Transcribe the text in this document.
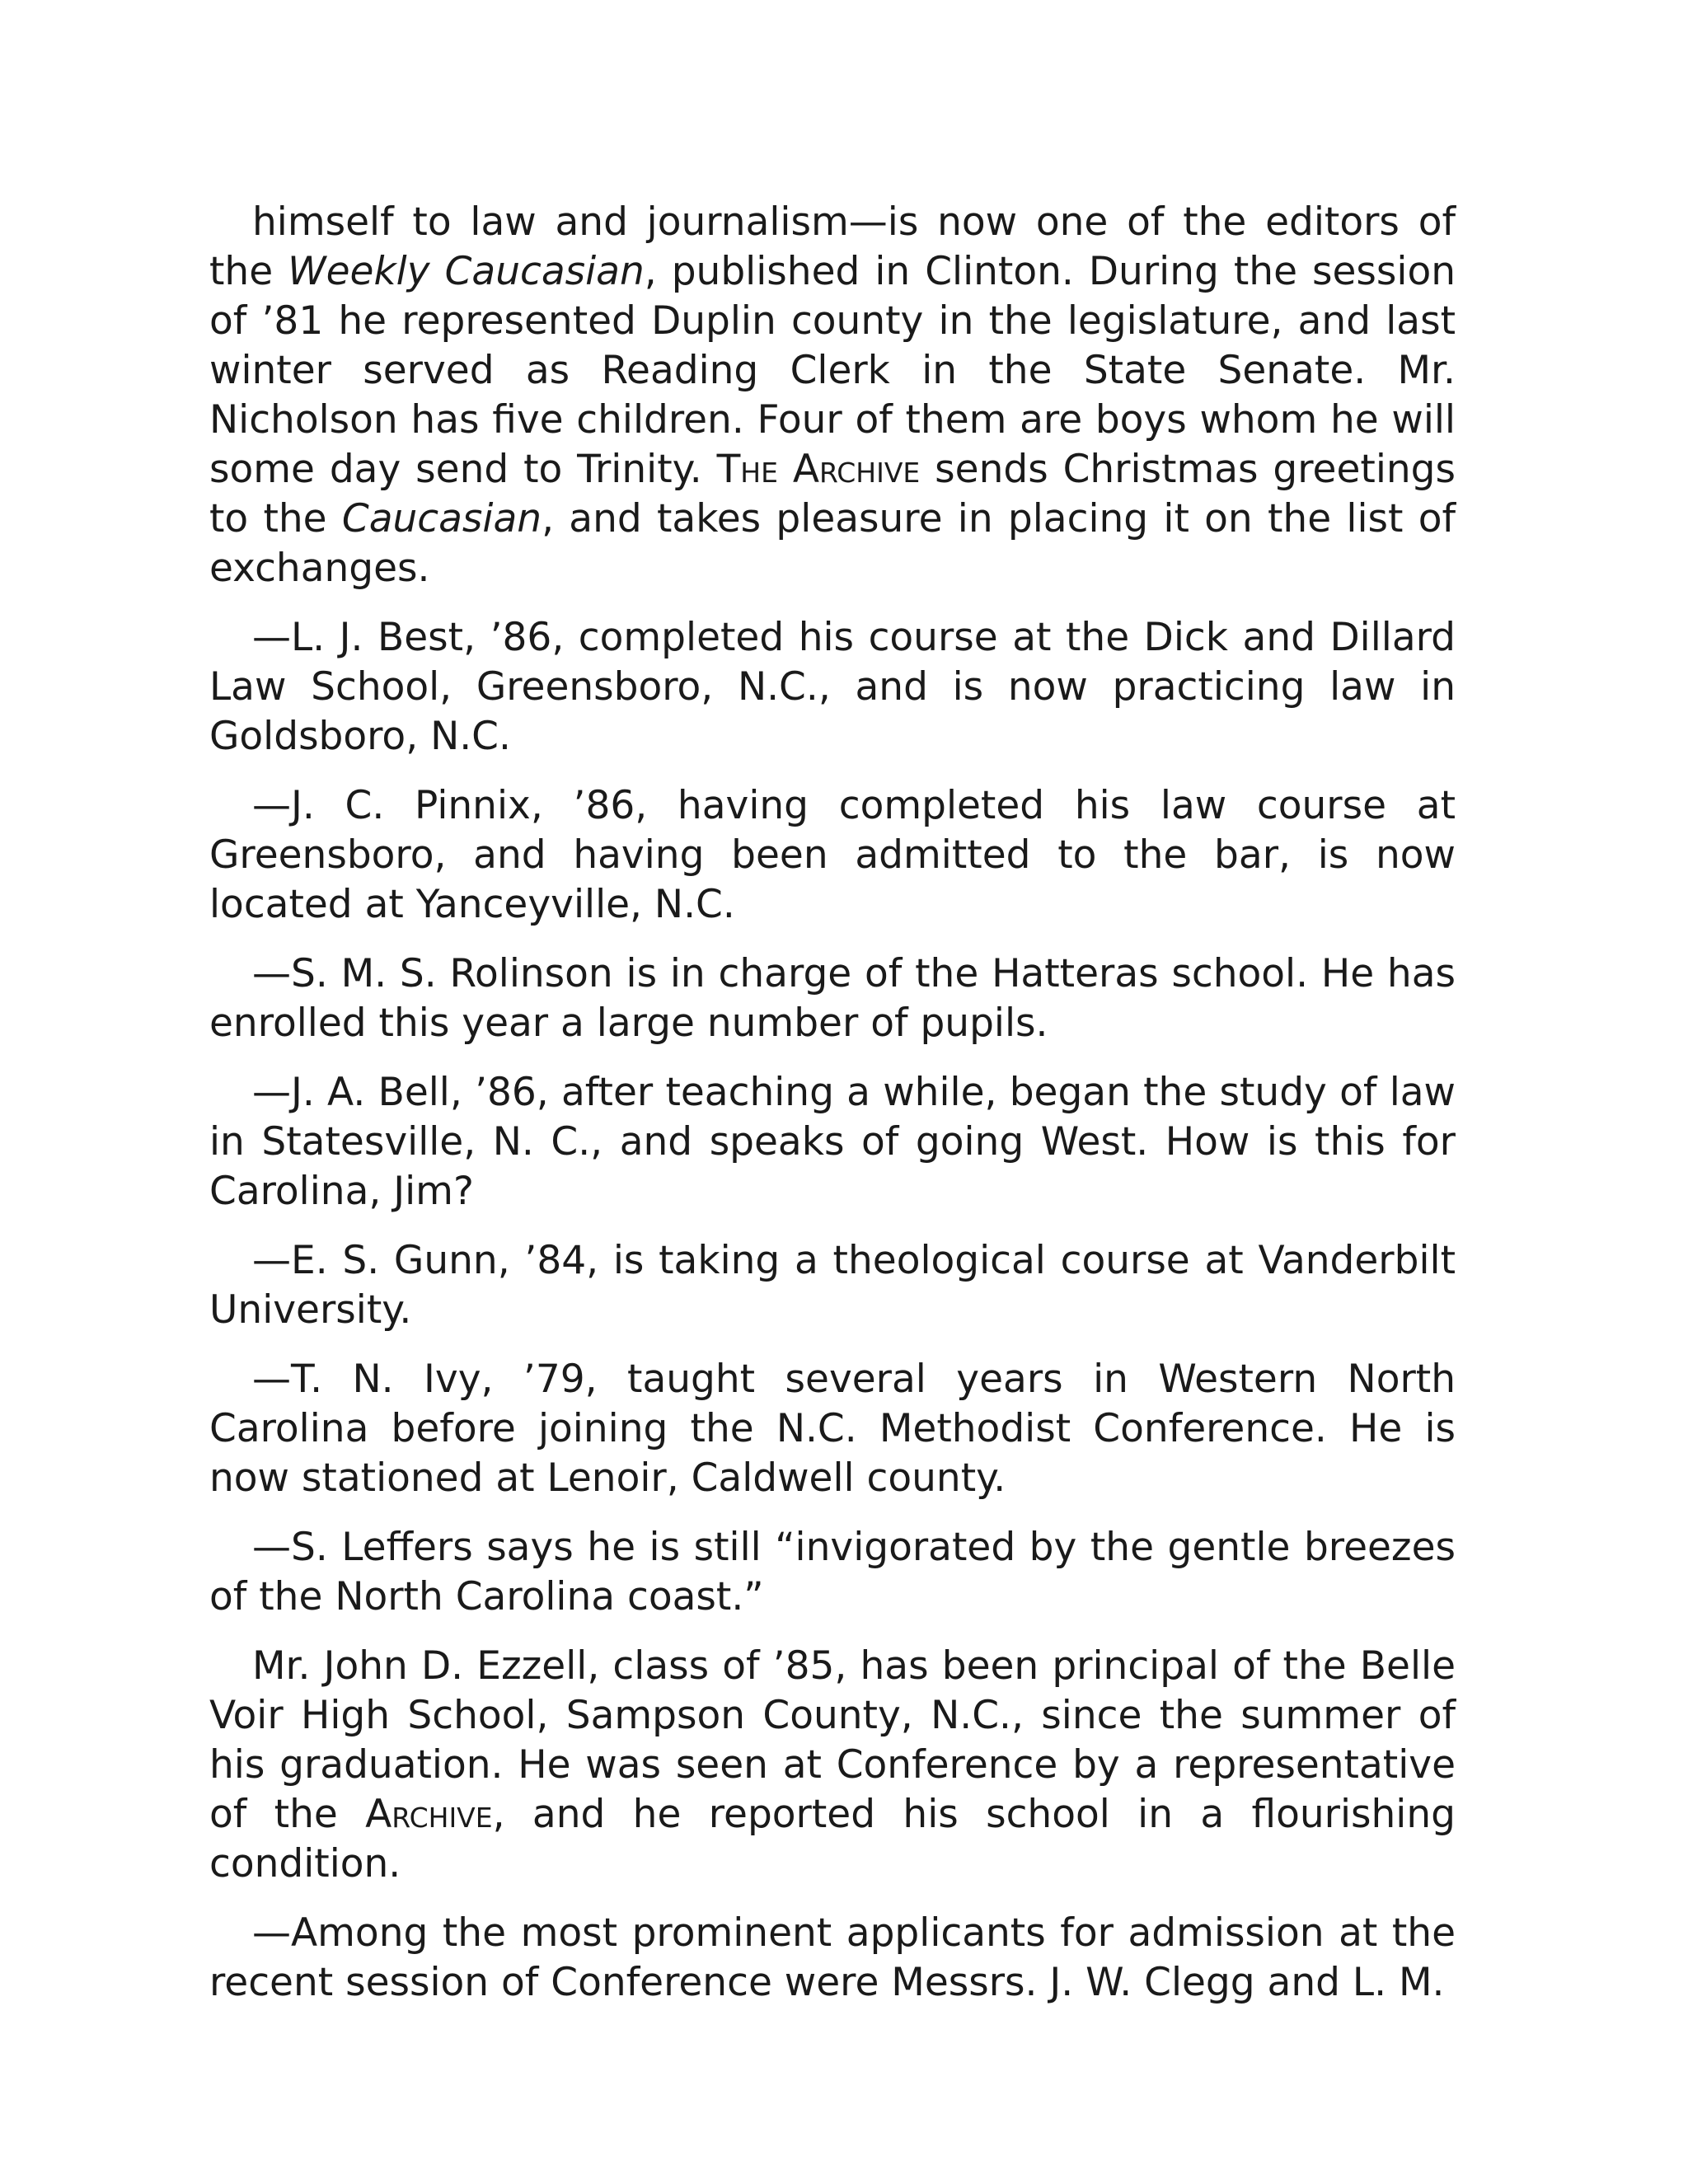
himself to law and journalism—is now one of the editors of the Weekly Caucasian, published in Clinton. During the session of ’81 he represented Duplin county in the legislature, and last winter served as Reading Clerk in the State Senate. Mr. Nicholson has five children. Four of them are boys whom he will some day send to Trinity. The Archive sends Christmas greetings to the Caucasian, and takes pleasure in placing it on the list of exchanges.

—L. J. Best, ’86, completed his course at the Dick and Dillard Law School, Greensboro, N.C., and is now practicing law in Goldsboro, N.C.

—J. C. Pinnix, ’86, having completed his law course at Greensboro, and having been admitted to the bar, is now located at Yanceyville, N.C.

—S. M. S. Rolinson is in charge of the Hatteras school. He has enrolled this year a large number of pupils.

—J. A. Bell, ’86, after teaching a while, began the study of law in Statesville, N. C., and speaks of going West. How is this for Carolina, Jim?

—E. S. Gunn, ’84, is taking a theological course at Vanderbilt University.

—T. N. Ivy, ’79, taught several years in Western North Carolina before joining the N.C. Methodist Conference. He is now stationed at Lenoir, Caldwell county.

—S. Leffers says he is still “invigorated by the gentle breezes of the North Carolina coast.”

Mr. John D. Ezzell, class of ’85, has been principal of the Belle Voir High School, Sampson County, N.C., since the summer of his graduation. He was seen at Conference by a representative of the Archive, and he reported his school in a flourishing condition.

—Among the most prominent applicants for admission at the recent session of Conference were Messrs. J. W. Clegg and L. M.
